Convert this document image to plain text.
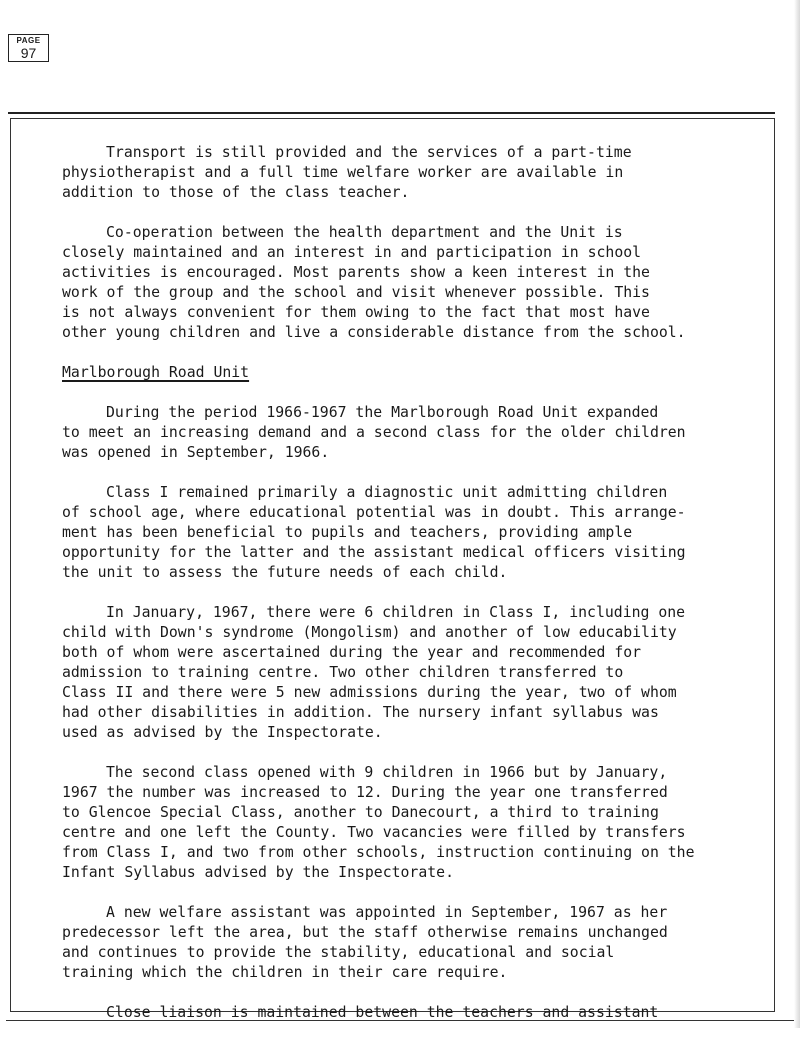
PAGE
97

Transport is still provided and the services of a part-time
physiotherapist and a full time welfare worker are available in
addition to those of the class teacher.

Co-operation between the health department and the Unit is
closely maintained and an interest in and participation in school
activities is encouraged. Most parents show a keen interest in the
work of the group and the school and visit whenever possible. This
is not always convenient for them owing to the fact that most have
other young children and live a considerable distance from the school.

Marlborough Road Unit

During the period 1966-1967 the Marlborough Road Unit expanded
to meet an increasing demand and a second class for the older children
was opened in September, 1966.

Class I remained primarily a diagnostic unit admitting children
of school age, where educational potential was in doubt. This arrange-
ment has been beneficial to pupils and teachers, providing ample
opportunity for the latter and the assistant medical officers visiting
the unit to assess the future needs of each child.

In January, 1967, there were 6 children in Class I, including one
child with Down's syndrome (Mongolism) and another of low educability
both of whom were ascertained during the year and recommended for
admission to training centre. Two other children transferred to
Class II and there were 5 new admissions during the year, two of whom
had other disabilities in addition. The nursery infant syllabus was
used as advised by the Inspectorate.

The second class opened with 9 children in 1966 but by January,
1967 the number was increased to 12. During the year one transferred
to Glencoe Special Class, another to Danecourt, a third to training
centre and one left the County. Two vacancies were filled by transfers
from Class I, and two from other schools, instruction continuing on the
Infant Syllabus advised by the Inspectorate.

A new welfare assistant was appointed in September, 1967 as her
predecessor left the area, but the staff otherwise remains unchanged
and continues to provide the stability, educational and social
training which the children in their care require.

Close liaison is maintained between the teachers and assistant
